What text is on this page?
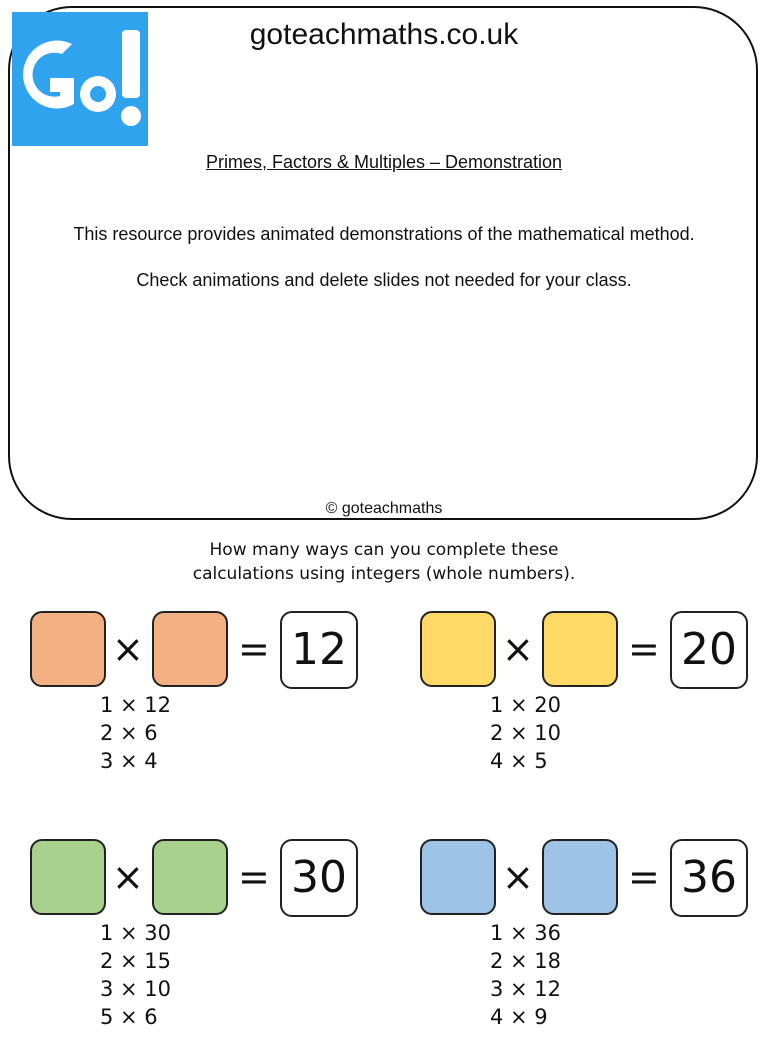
goteachmaths.co.uk
Primes, Factors & Multiples – Demonstration
This resource provides animated demonstrations of the mathematical method.
Check animations and delete slides not needed for your class.
© goteachmaths
How many ways can you complete these
calculations using integers (whole numbers).
× = 12
1 × 12
2 × 6
3 × 4
× = 20
1 × 20
2 × 10
4 × 5
× = 30
1 × 30
2 × 15
3 × 10
5 × 6
× = 36
1 × 36
2 × 18
3 × 12
4 × 9
